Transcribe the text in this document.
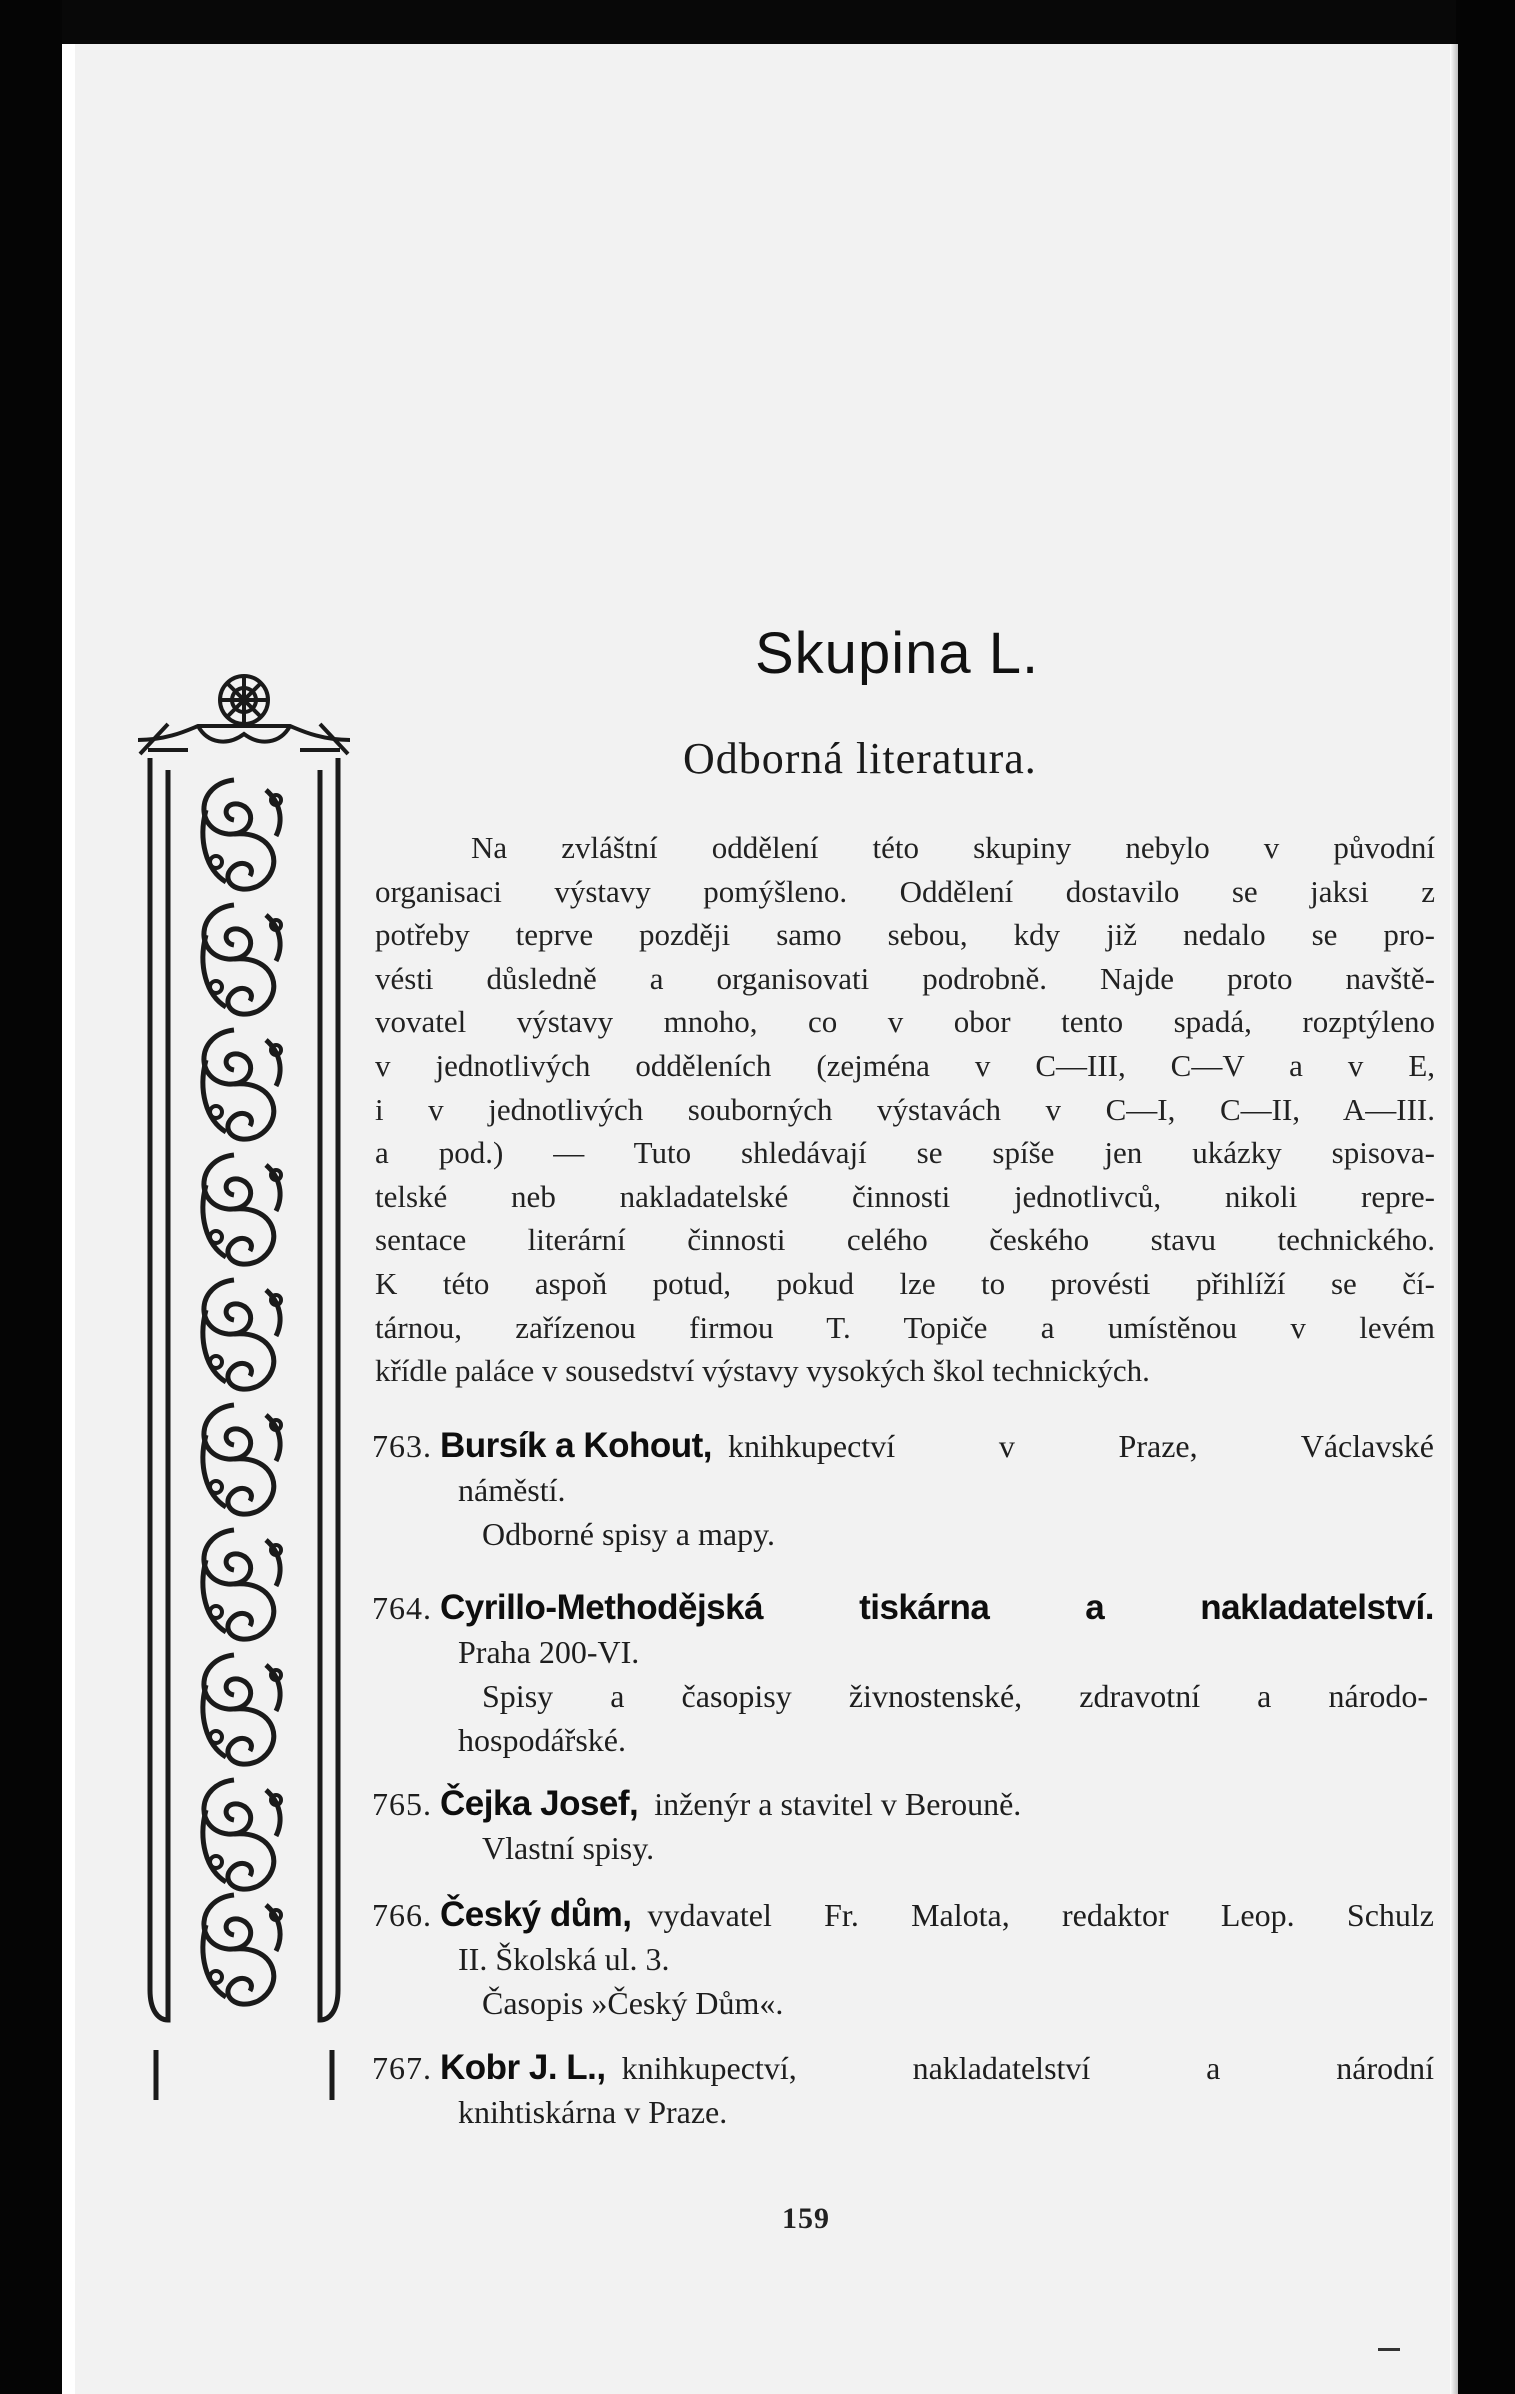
Skupina L.
Odborná literatura.
Na zvláštní oddělení této skupiny nebylo v původní
organisaci výstavy pomýšleno. Oddělení dostavilo se jaksi z
potřeby teprve později samo sebou, kdy již nedalo se pro-
vésti důsledně a organisovati podrobně. Najde proto navště-
vovatel výstavy mnoho, co v obor tento spadá, rozptýleno
v jednotlivých odděleních (zejména v C—III, C—V a v E,
i v jednotlivých souborných výstavách v C—I, C—II, A—III.
a pod.) — Tuto shledávají se spíše jen ukázky spisova-
telské neb nakladatelské činnosti jednotlivců, nikoli repre-
sentace literární činnosti celého českého stavu technického.
K této aspoň potud, pokud lze to provésti přihlíží se čí-
tárnou, zařízenou firmou T. Topiče a umístěnou v levém
křídle paláce v sousedství výstavy vysokých škol technických.
763. Bursík a Kohout, knihkupectví v Praze, Václavské
náměstí.
Odborné spisy a mapy.
764. Cyrillo-Methodějská tiskárna a nakladatelství.
Praha 200-VI.
Spisy a časopisy živnostenské, zdravotní a národo-
hospodářské.
765. Čejka Josef, inženýr a stavitel v Berouně.
Vlastní spisy.
766. Český dům, vydavatel Fr. Malota, redaktor Leop. Schulz
II. Školská ul. 3.
Časopis »Český Dům«.
767. Kobr J. L., knihkupectví, nakladatelství a národní
knihtiskárna v Praze.
159
